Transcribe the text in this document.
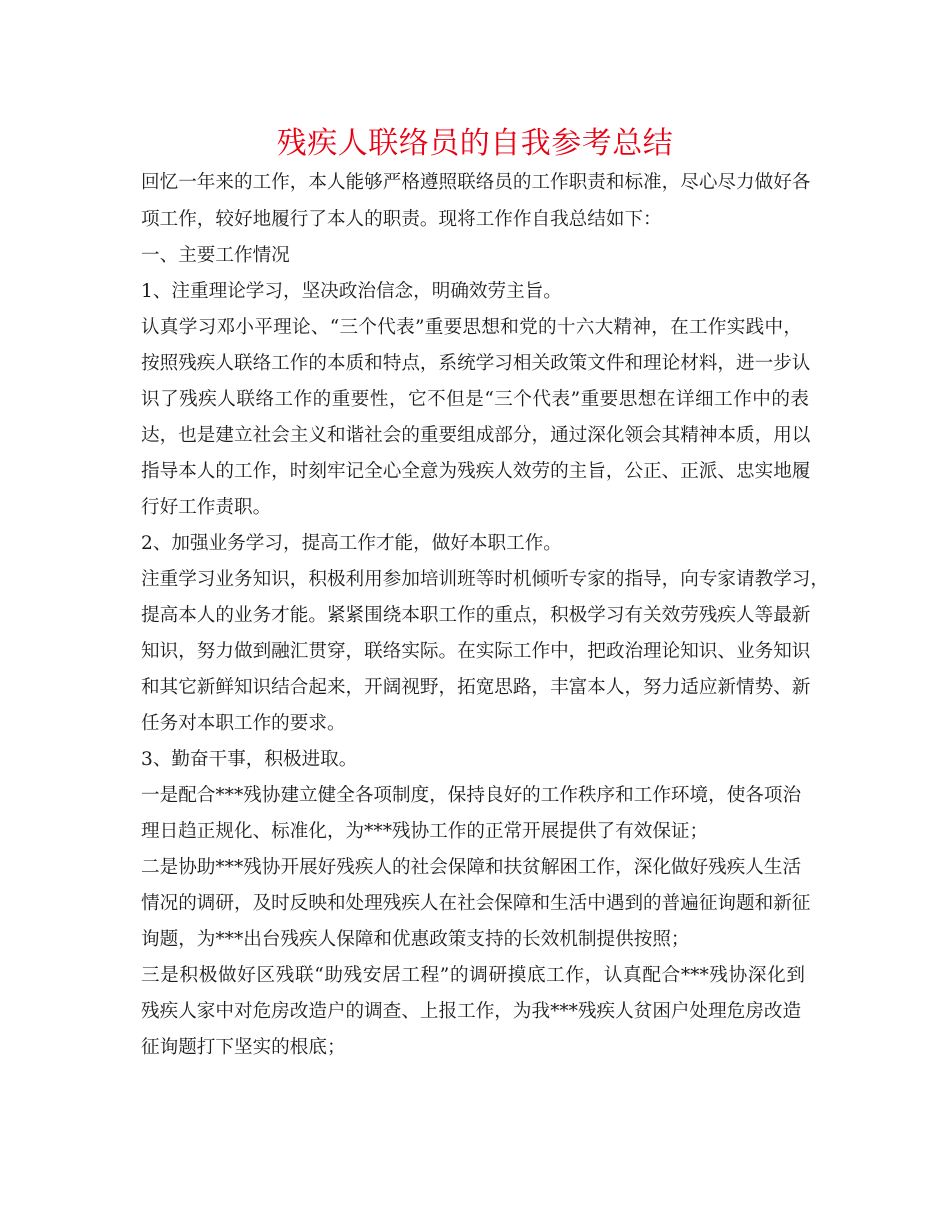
残疾人联络员的自我参考总结
回忆一年来的工作，本人能够严格遵照联络员的工作职责和标准，尽心尽力做好各
项工作，较好地履行了本人的职责。现将工作作自我总结如下：
一、主要工作情况
1、注重理论学习，坚决政治信念，明确效劳主旨。
认真学习邓小平理论、“三个代表”重要思想和党的十六大精神，在工作实践中，
按照残疾人联络工作的本质和特点，系统学习相关政策文件和理论材料，进一步认
识了残疾人联络工作的重要性，它不但是“三个代表”重要思想在详细工作中的表
达，也是建立社会主义和谐社会的重要组成部分，通过深化领会其精神本质，用以
指导本人的工作，时刻牢记全心全意为残疾人效劳的主旨，公正、正派、忠实地履
行好工作责职。
2、加强业务学习，提高工作才能，做好本职工作。
注重学习业务知识，积极利用参加培训班等时机倾听专家的指导，向专家请教学习，
提高本人的业务才能。紧紧围绕本职工作的重点，积极学习有关效劳残疾人等最新
知识，努力做到融汇贯穿，联络实际。在实际工作中，把政治理论知识、业务知识
和其它新鲜知识结合起来，开阔视野，拓宽思路，丰富本人，努力适应新情势、新
任务对本职工作的要求。
3、勤奋干事，积极进取。
一是配合***残协建立健全各项制度，保持良好的工作秩序和工作环境，使各项治
理日趋正规化、标准化，为***残协工作的正常开展提供了有效保证；
二是协助***残协开展好残疾人的社会保障和扶贫解困工作，深化做好残疾人生活
情况的调研，及时反映和处理残疾人在社会保障和生活中遇到的普遍征询题和新征
询题，为***出台残疾人保障和优惠政策支持的长效机制提供按照；
三是积极做好区残联“助残安居工程”的调研摸底工作，认真配合***残协深化到
残疾人家中对危房改造户的调查、上报工作，为我***残疾人贫困户处理危房改造
征询题打下坚实的根底；
